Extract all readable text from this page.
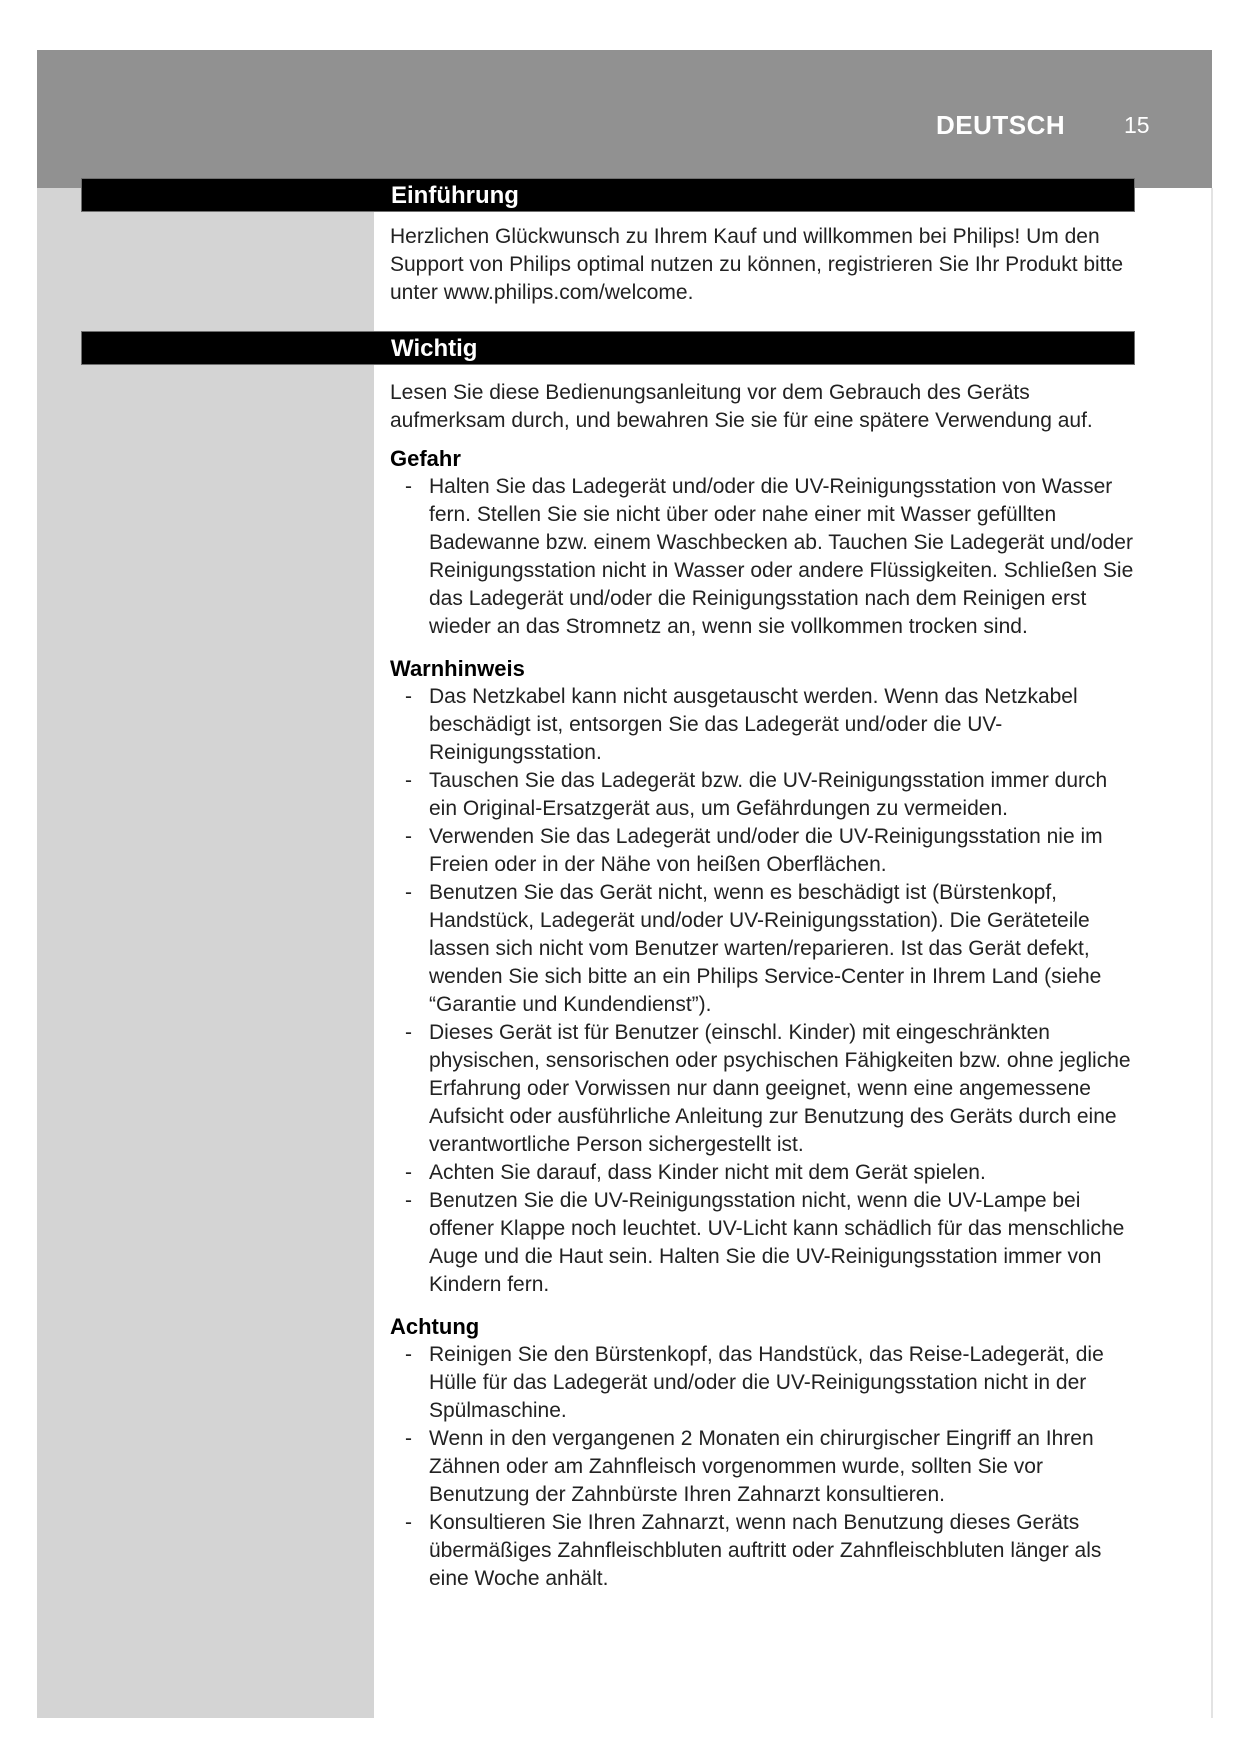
DEUTSCH	15
Einführung

Herzlichen Glückwunsch zu Ihrem Kauf und willkommen bei Philips! Um den Support von Philips optimal nutzen zu können, registrieren Sie Ihr Produkt bitte unter www.philips.com/welcome.

Wichtig

Lesen Sie diese Bedienungsanleitung vor dem Gebrauch des Geräts aufmerksam durch, und bewahren Sie sie für eine spätere Verwendung auf.

Gefahr
- Halten Sie das Ladegerät und/oder die UV-Reinigungsstation von Wasser fern. Stellen Sie sie nicht über oder nahe einer mit Wasser gefüllten Badewanne bzw. einem Waschbecken ab. Tauchen Sie Ladegerät und/oder Reinigungsstation nicht in Wasser oder andere Flüssigkeiten. Schließen Sie das Ladegerät und/oder die Reinigungsstation nach dem Reinigen erst wieder an das Stromnetz an, wenn sie vollkommen trocken sind.
Warnhinweis
- Das Netzkabel kann nicht ausgetauscht werden. Wenn das Netzkabel beschädigt ist, entsorgen Sie das Ladegerät und/oder die UV-Reinigungsstation.
- Tauschen Sie das Ladegerät bzw. die UV-Reinigungsstation immer durch ein Original-Ersatzgerät aus, um Gefährdungen zu vermeiden.
- Verwenden Sie das Ladegerät und/oder die UV-Reinigungsstation nie im Freien oder in der Nähe von heißen Oberflächen.
- Benutzen Sie das Gerät nicht, wenn es beschädigt ist (Bürstenkopf, Handstück, Ladegerät und/oder UV-Reinigungsstation). Die Geräteteile lassen sich nicht vom Benutzer warten/reparieren. Ist das Gerät defekt, wenden Sie sich bitte an ein Philips Service-Center in Ihrem Land (siehe “Garantie und Kundendienst”).
- Dieses Gerät ist für Benutzer (einschl. Kinder) mit eingeschränkten physischen, sensorischen oder psychischen Fähigkeiten bzw. ohne jegliche Erfahrung oder Vorwissen nur dann geeignet, wenn eine angemessene Aufsicht oder ausführliche Anleitung zur Benutzung des Geräts durch eine verantwortliche Person sichergestellt ist.
- Achten Sie darauf, dass Kinder nicht mit dem Gerät spielen.
- Benutzen Sie die UV-Reinigungsstation nicht, wenn die UV-Lampe bei offener Klappe noch leuchtet. UV-Licht kann schädlich für das menschliche Auge und die Haut sein. Halten Sie die UV-Reinigungsstation immer von Kindern fern.
Achtung
- Reinigen Sie den Bürstenkopf, das Handstück, das Reise-Ladegerät, die Hülle für das Ladegerät und/oder die UV-Reinigungsstation nicht in der Spülmaschine.
- Wenn in den vergangenen 2 Monaten ein chirurgischer Eingriff an Ihren Zähnen oder am Zahnfleisch vorgenommen wurde, sollten Sie vor Benutzung der Zahnbürste Ihren Zahnarzt konsultieren.
- Konsultieren Sie Ihren Zahnarzt, wenn nach Benutzung dieses Geräts übermäßiges Zahnfleischbluten auftritt oder Zahnfleischbluten länger als eine Woche anhält.
